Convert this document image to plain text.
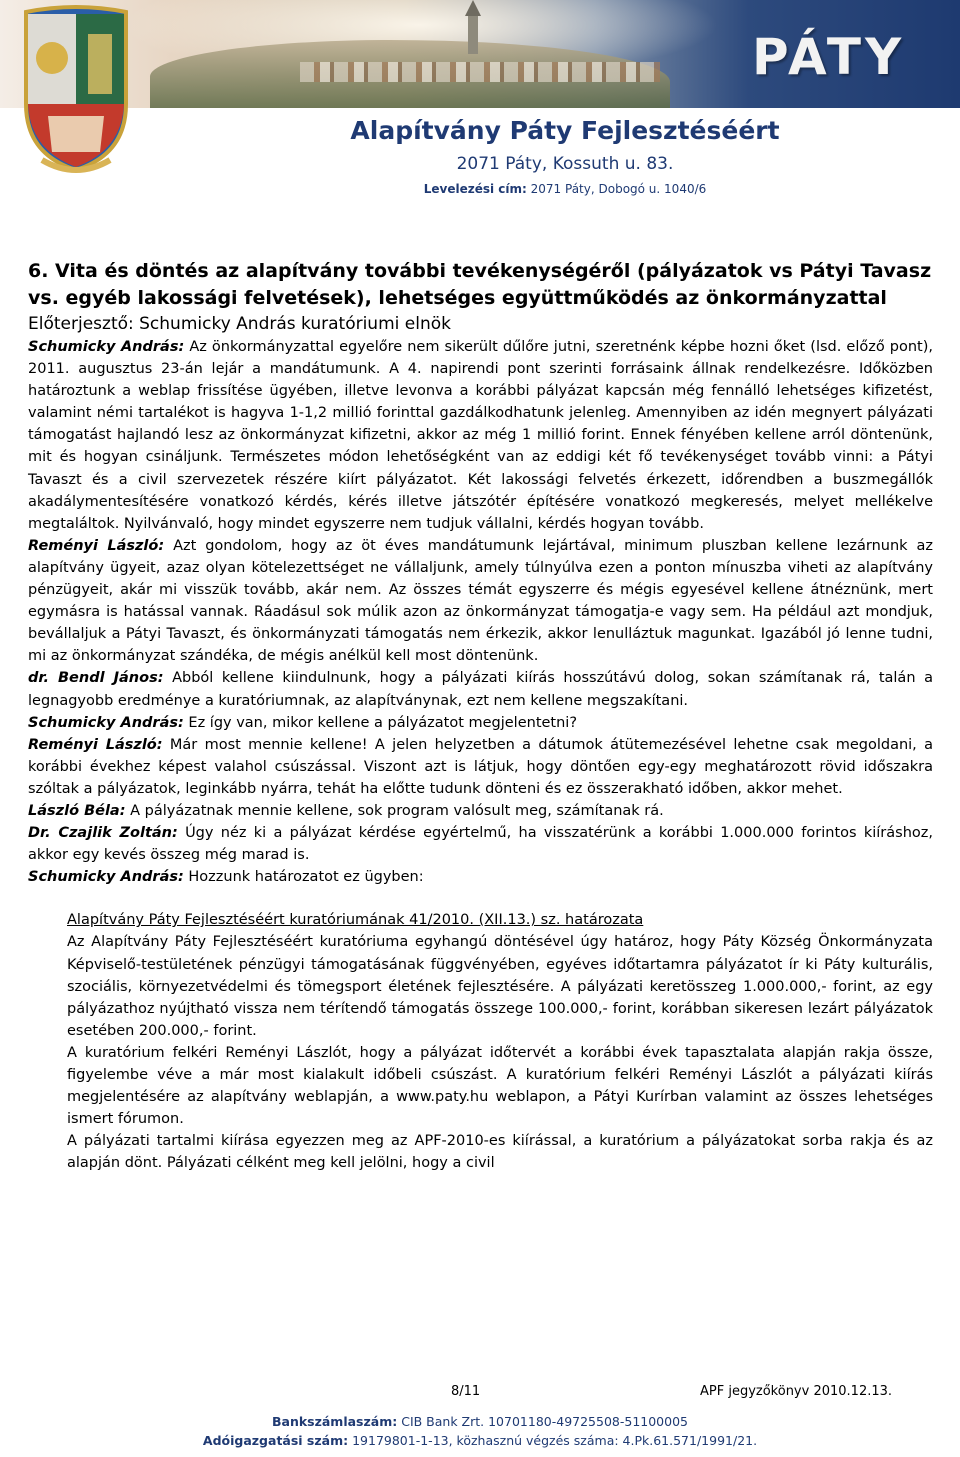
PÁTY
Alapítvány Páty Fejlesztéséért
2071 Páty, Kossuth u. 83.
Levelezési cím: 2071 Páty, Dobogó u. 1040/6

6. Vita és döntés az alapítvány további tevékenységéről (pályázatok vs Pátyi Tavasz vs. egyéb lakossági felvetések), lehetséges együttműködés az önkormányzattal

Előterjesztő: Schumicky András kuratóriumi elnök

Schumicky András: Az önkormányzattal egyelőre nem sikerült dűlőre jutni, szeretnénk képbe hozni őket (lsd. előző pont), 2011. augusztus 23-án lejár a mandátumunk. A 4. napirendi pont szerinti forrásaink állnak rendelkezésre. Időközben határoztunk a weblap frissítése ügyében, illetve levonva a korábbi pályázat kapcsán még fennálló lehetséges kifizetést, valamint némi tartalékot is hagyva 1-1,2 millió forinttal gazdálkodhatunk jelenleg. Amennyiben az idén megnyert pályázati támogatást hajlandó lesz az önkormányzat kifizetni, akkor az még 1 millió forint. Ennek fényében kellene arról döntenünk, mit és hogyan csináljunk. Természetes módon lehetőségként van az eddigi két fő tevékenységet tovább vinni: a Pátyi Tavaszt és a civil szervezetek részére kiírt pályázatot. Két lakossági felvetés érkezett, időrendben a buszmegállók akadálymentesítésére vonatkozó kérdés, kérés illetve játszótér építésére vonatkozó megkeresés, melyet mellékelve megtaláltok. Nyilvánvaló, hogy mindet egyszerre nem tudjuk vállalni, kérdés hogyan tovább.

Reményi László: Azt gondolom, hogy az öt éves mandátumunk lejártával, minimum pluszban kellene lezárnunk az alapítvány ügyeit, azaz olyan kötelezettséget ne vállaljunk, amely túlnyúlva ezen a ponton mínuszba viheti az alapítvány pénzügyeit, akár mi visszük tovább, akár nem. Az összes témát egyszerre és mégis egyesével kellene átnéznünk, mert egymásra is hatással vannak. Ráadásul sok múlik azon az önkormányzat támogatja-e vagy sem. Ha például azt mondjuk, bevállaljuk a Pátyi Tavaszt, és önkormányzati támogatás nem érkezik, akkor lenulláztuk magunkat. Igazából jó lenne tudni, mi az önkormányzat szándéka, de mégis anélkül kell most döntenünk.

dr. Bendl János: Abból kellene kiindulnunk, hogy a pályázati kiírás hosszútávú dolog, sokan számítanak rá, talán a legnagyobb eredménye a kuratóriumnak, az alapítványnak, ezt nem kellene megszakítani.

Schumicky András: Ez így van, mikor kellene a pályázatot megjelentetni?

Reményi László: Már most mennie kellene! A jelen helyzetben a dátumok átütemezésével lehetne csak megoldani, a korábbi évekhez képest valahol csúszással. Viszont azt is látjuk, hogy döntően egy-egy meghatározott rövid időszakra szóltak a pályázatok, leginkább nyárra, tehát ha előtte tudunk dönteni és ez összerakható időben, akkor mehet.

László Béla: A pályázatnak mennie kellene, sok program valósult meg, számítanak rá.

Dr. Czajlik Zoltán: Úgy néz ki a pályázat kérdése egyértelmű, ha visszatérünk a korábbi 1.000.000 forintos kiíráshoz, akkor egy kevés összeg még marad is.

Schumicky András: Hozzunk határozatot ez ügyben:

Alapítvány Páty Fejlesztéséért kuratóriumának 41/2010. (XII.13.) sz. határozata

Az Alapítvány Páty Fejlesztéséért kuratóriuma egyhangú döntésével úgy határoz, hogy Páty Község Önkormányzata Képviselő-testületének pénzügyi támogatásának függvényében, egyéves időtartamra pályázatot ír ki Páty kulturális, szociális, környezetvédelmi és tömegsport életének fejlesztésére. A pályázati keretösszeg 1.000.000,- forint, az egy pályázathoz nyújtható vissza nem térítendő támogatás összege 100.000,- forint, korábban sikeresen lezárt pályázatok esetében 200.000,- forint.

A kuratórium felkéri Reményi Lászlót, hogy a pályázat időtervét a korábbi évek tapasztalata alapján rakja össze, figyelembe véve a már most kialakult időbeli csúszást. A kuratórium felkéri Reményi Lászlót a pályázati kiírás megjelentésére az alapítvány weblapján, a www.paty.hu weblapon, a Pátyi Kurírban valamint az összes lehetséges ismert fórumon.

A pályázati tartalmi kiírása egyezzen meg az APF-2010-es kiírással, a kuratórium a pályázatokat sorba rakja és az alapján dönt. Pályázati célként meg kell jelölni, hogy a civil

8/11	APF jegyzőkönyv 2010.12.13.
Bankszámlaszám: CIB Bank Zrt. 10701180-49725508-51100005
Adóigazgatási szám: 19179801-1-13, közhasznú végzés száma: 4.Pk.61.571/1991/21.
